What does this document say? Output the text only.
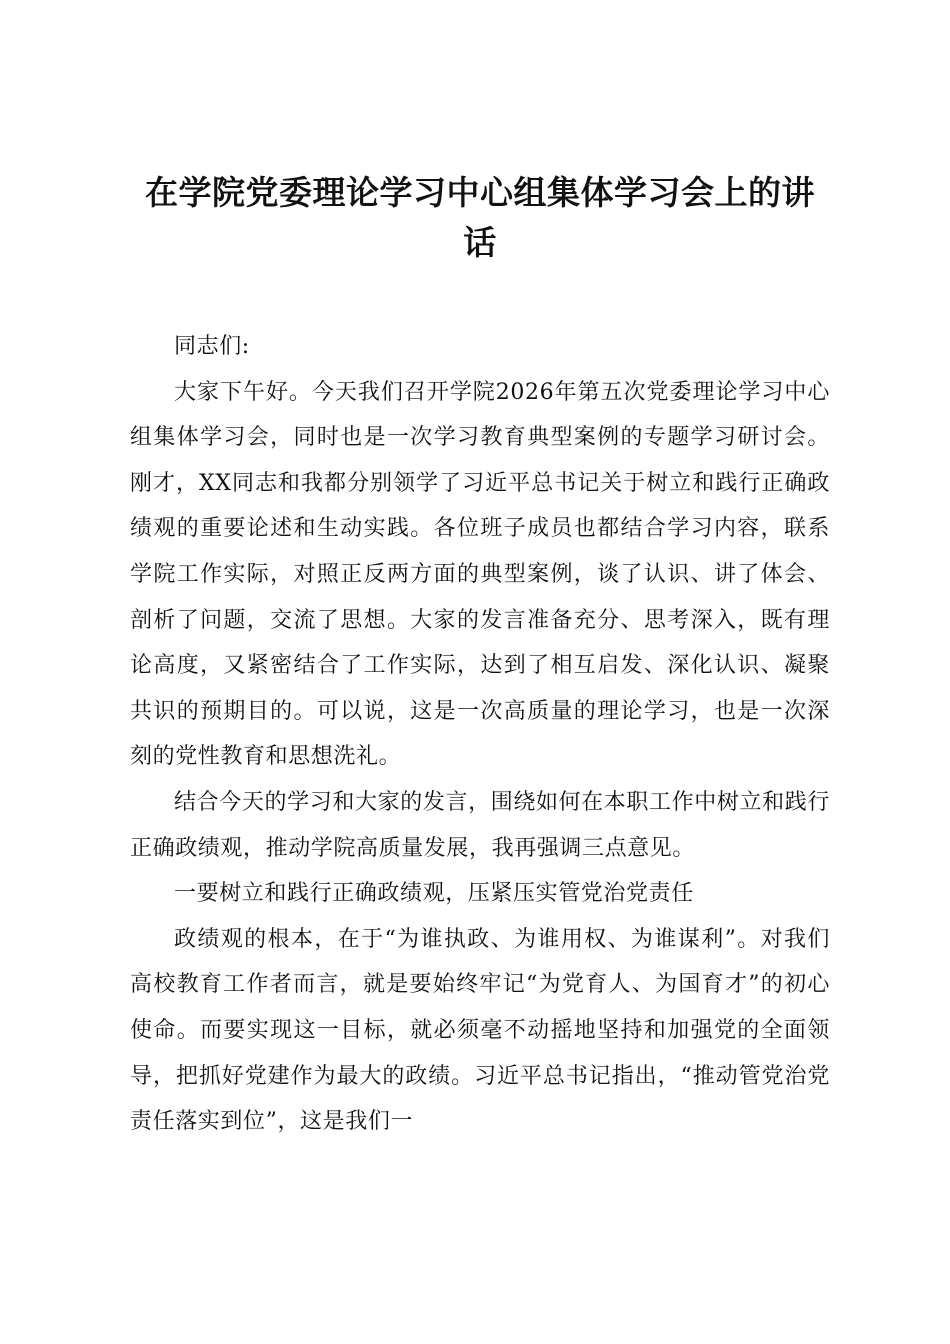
在学院党委理论学习中心组集体学习会上的讲
话

同志们:

大家下午好。今天我们召开学院2026年第五次党委理论学习中心组集体学习会，同时也是一次学习教育典型案例的专题学习研讨会。刚才，XX同志和我都分别领学了习近平总书记关于树立和践行正确政绩观的重要论述和生动实践。各位班子成员也都结合学习内容，联系学院工作实际，对照正反两方面的典型案例，谈了认识、讲了体会、剖析了问题，交流了思想。大家的发言准备充分、思考深入，既有理论高度，又紧密结合了工作实际，达到了相互启发、深化认识、凝聚共识的预期目的。可以说，这是一次高质量的理论学习，也是一次深刻的党性教育和思想洗礼。

结合今天的学习和大家的发言，围绕如何在本职工作中树立和践行正确政绩观，推动学院高质量发展，我再强调三点意见。

一要树立和践行正确政绩观，压紧压实管党治党责任

政绩观的根本，在于“为谁执政、为谁用权、为谁谋利”。对我们高校教育工作者而言，就是要始终牢记“为党育人、为国育才”的初心使命。而要实现这一目标，就必须毫不动摇地坚持和加强党的全面领导，把抓好党建作为最大的政绩。习近平总书记指出，“推动管党治党责任落实到位”，这是我们一
